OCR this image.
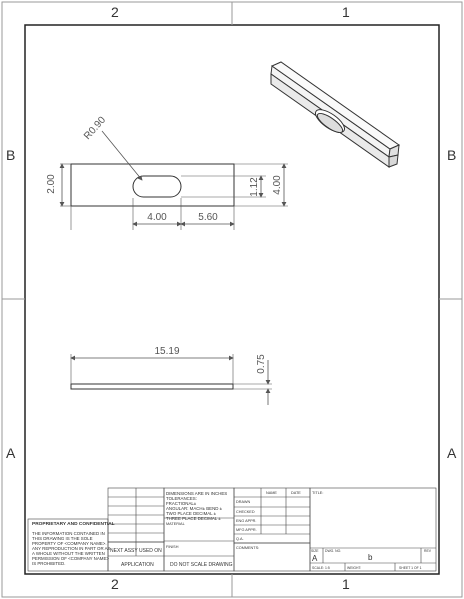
2	1
2	1
B
A
B
A
R0.90
2.00
4.00	5.60
1.12 4.00
15.19
0.75
PROPRIETARY AND CONFIDENTIAL
THE INFORMATION CONTAINED IN
THIS DRAWING IS THE SOLE
PROPERTY OF <COMPANY NAME>.
ANY REPRODUCTION IN PART OR AS
A WHOLE WITHOUT THE WRITTEN
PERMISSION OF <COMPANY NAME>
IS PROHIBITED.
NEXT ASSY USED ON
APPLICATION
DIMENSIONS ARE IN INCHES
TOLERANCES:
FRACTIONAL±
ANGULAR: MACH± BEND ±
TWO PLACE DECIMAL ±
THREE PLACE DECIMAL ±
MATERIAL
FINISH
DO NOT SCALE DRAWING
NAME	DATE
DRAWN
CHECKED
ENG APPR.
MFG APPR.
Q.A.
COMMENTS:
TITLE:
SIZE
A
DWG. NO.
b
REV
SCALE: 1:5	WEIGHT:	SHEET 1 OF 1
